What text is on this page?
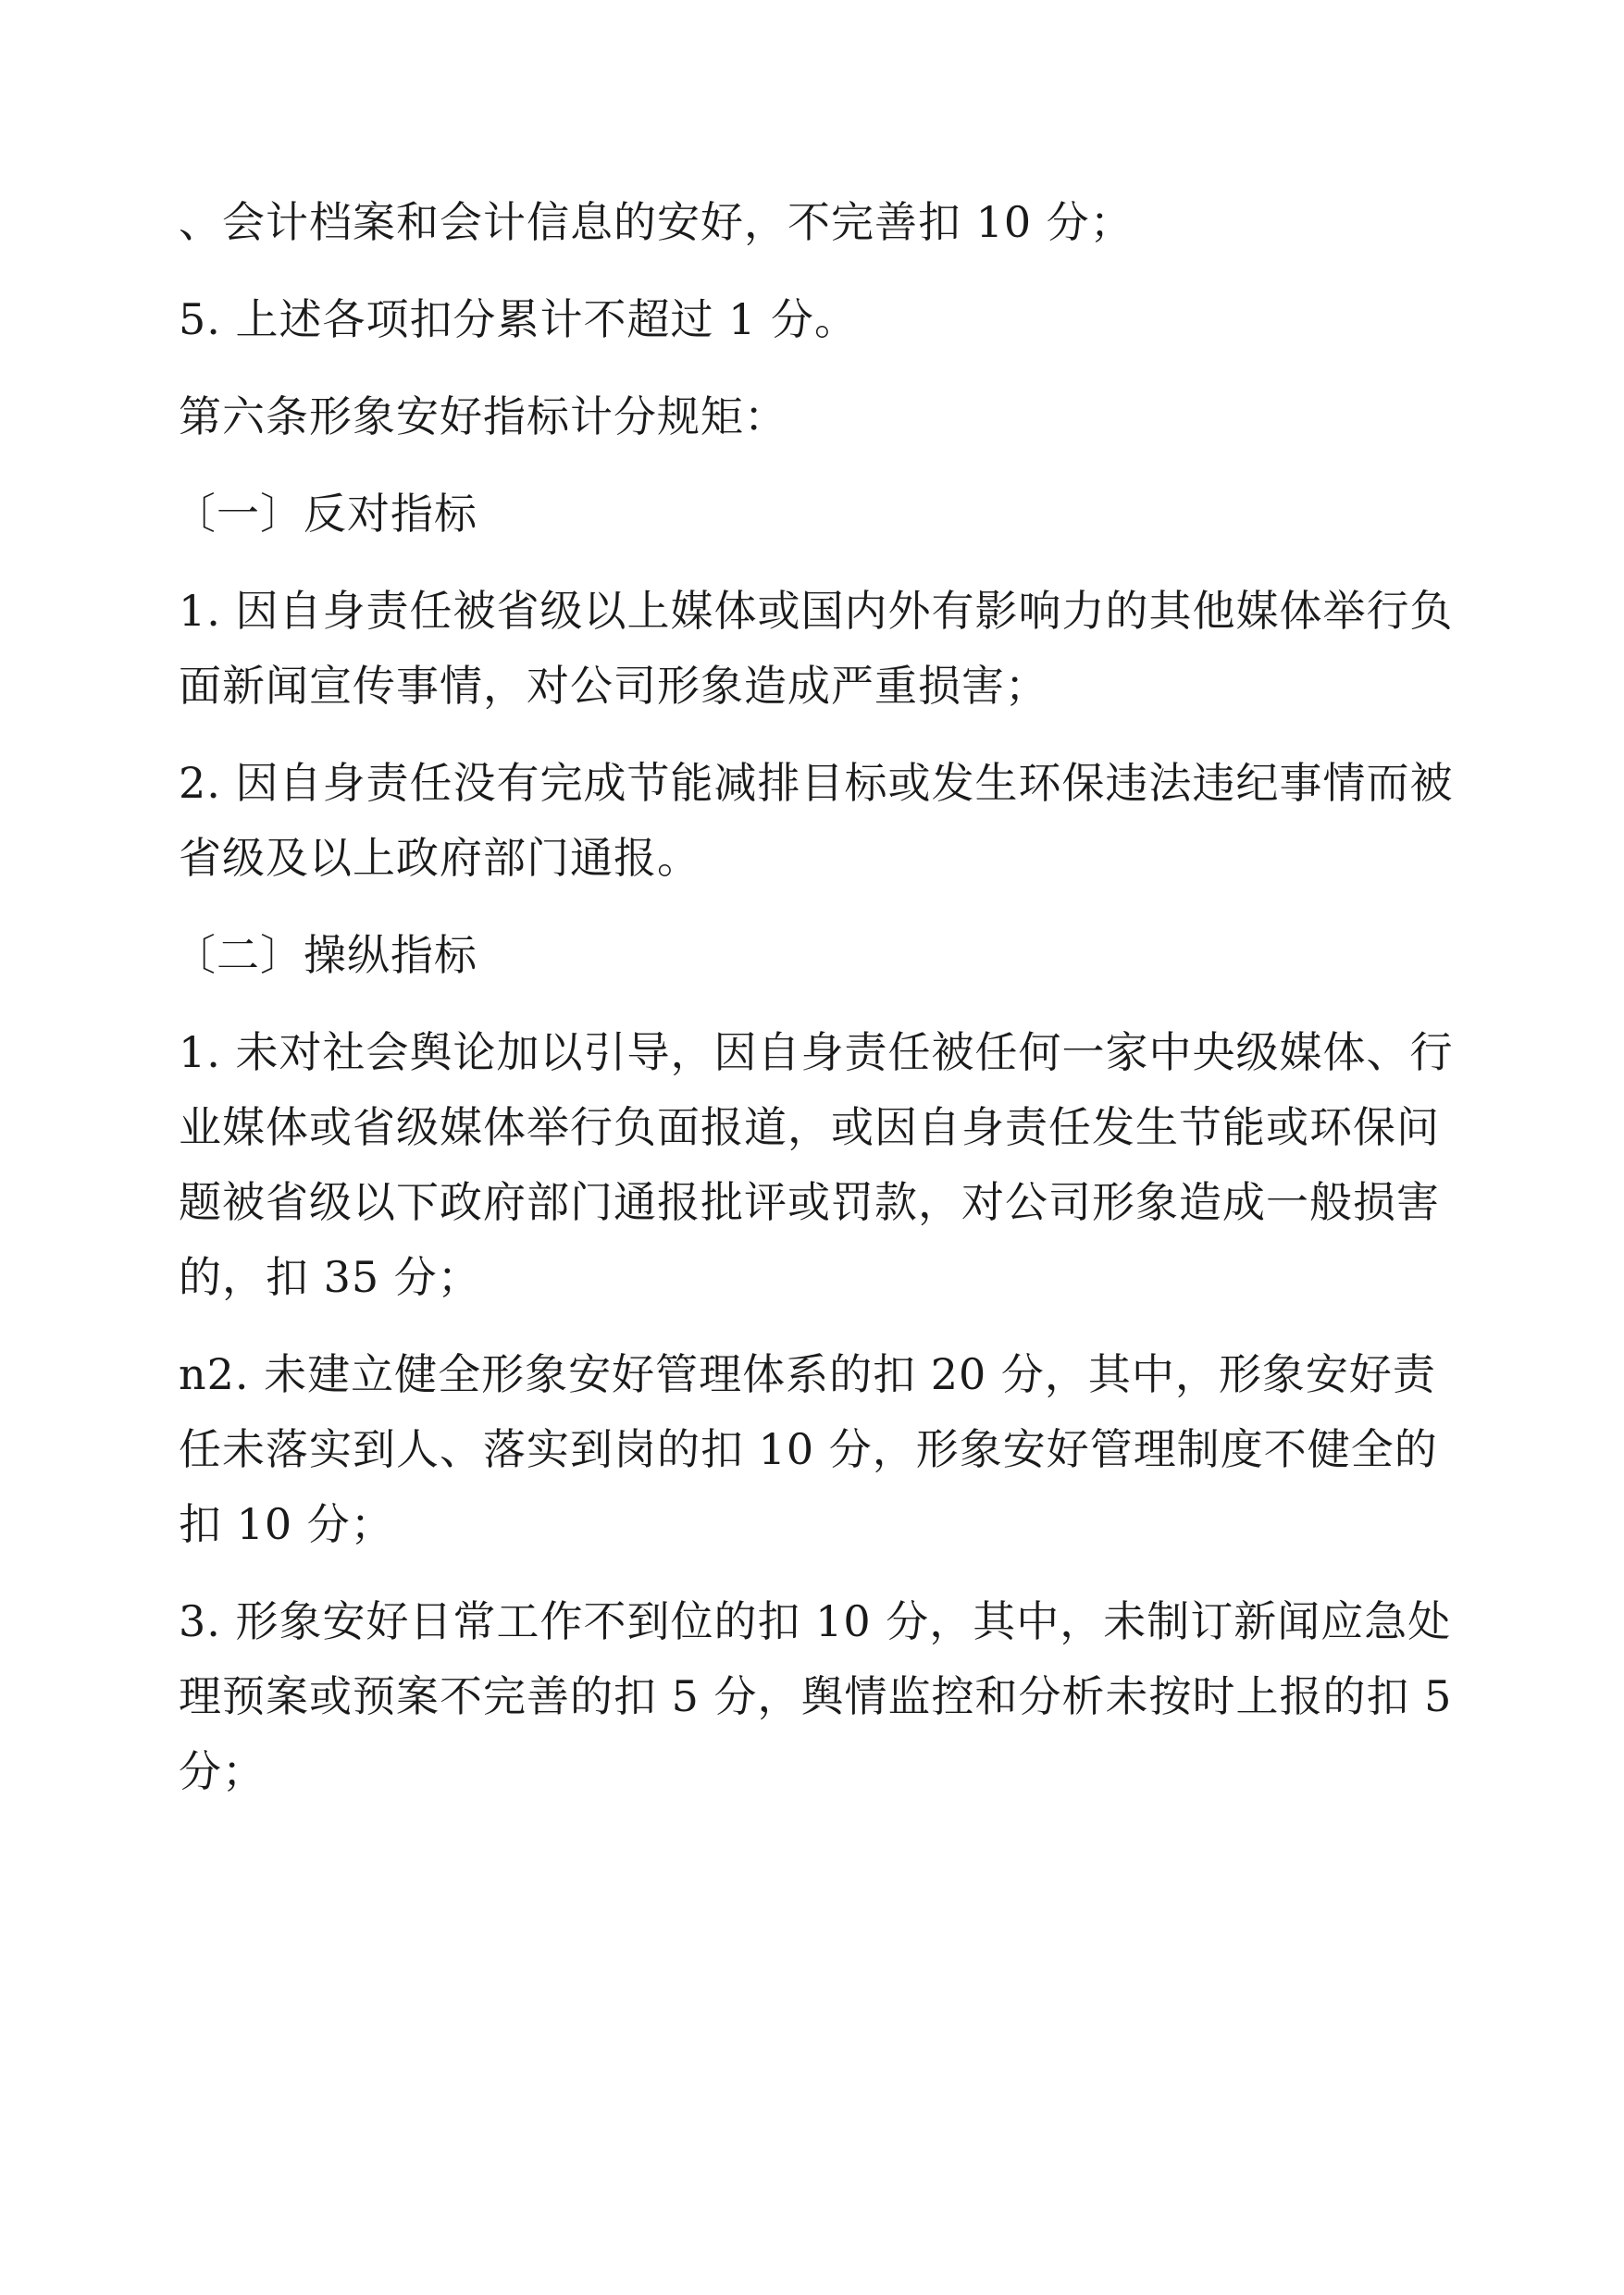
、会计档案和会计信息的安好，不完善扣 10 分；

5. 上述各项扣分累计不超过 1 分。

第六条形象安好指标计分规矩：

〔一〕反对指标

1. 因自身责任被省级以上媒体或国内外有影响力的其他媒体举行负面新闻宣传事情，对公司形象造成严重损害；

2. 因自身责任没有完成节能减排目标或发生环保违法违纪事情而被省级及以上政府部门通报。

〔二〕操纵指标

1. 未对社会舆论加以引导，因自身责任被任何一家中央级媒体、行业媒体或省级媒体举行负面报道，或因自身责任发生节能或环保问题被省级以下政府部门通报批评或罚款，对公司形象造成一般损害的，扣 35 分；

n2. 未建立健全形象安好管理体系的扣 20 分，其中，形象安好责任未落实到人、落实到岗的扣 10 分，形象安好管理制度不健全的扣 10 分；

3. 形象安好日常工作不到位的扣 10 分，其中，未制订新闻应急处理预案或预案不完善的扣 5 分，舆情监控和分析未按时上报的扣 5 分；
